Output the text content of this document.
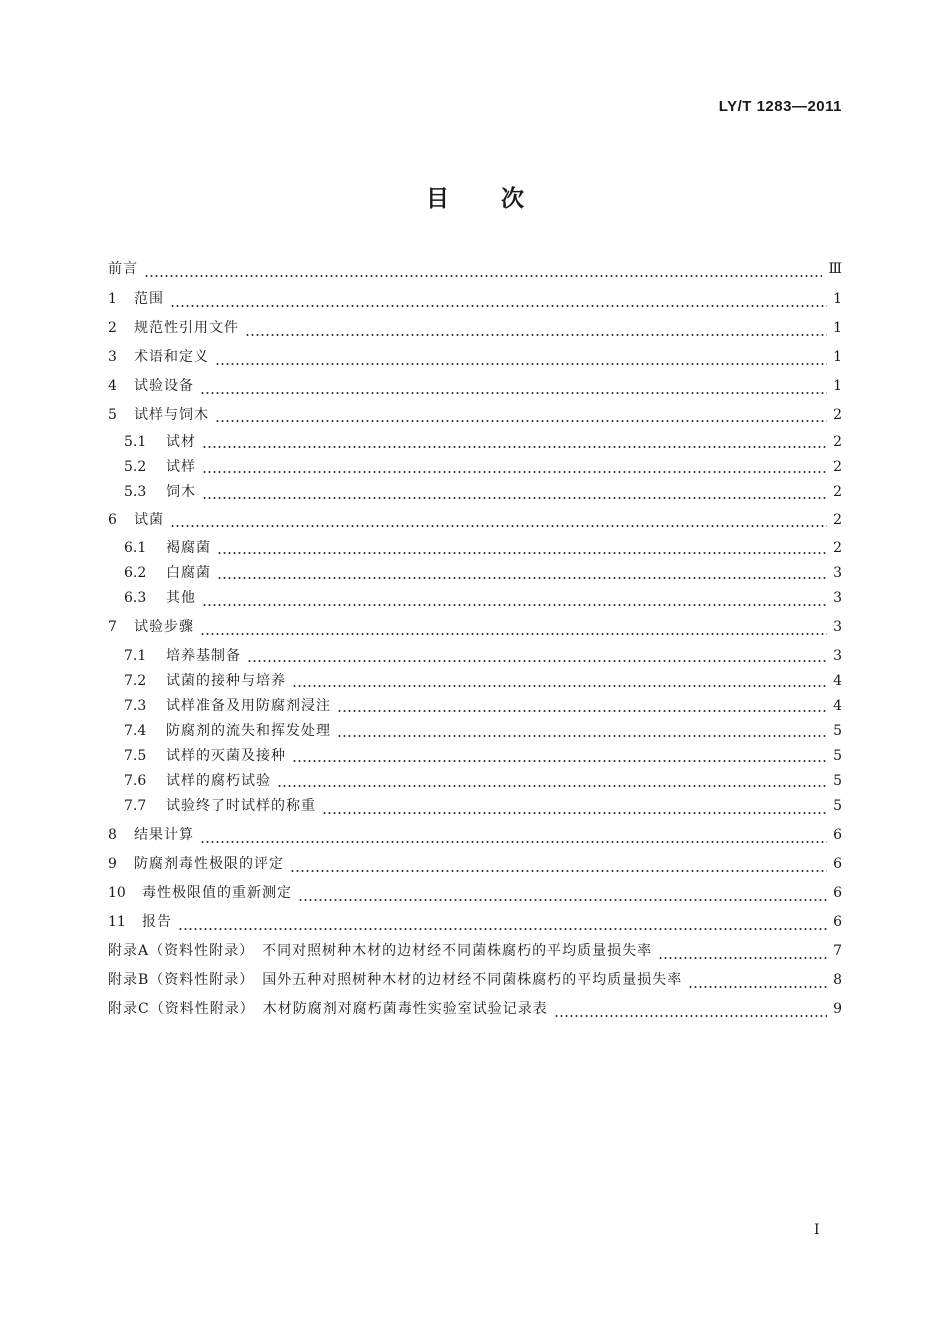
LY/T 1283—2011
目次
前言	Ⅲ
1	范围	1
2	规范性引用文件	1
3	术语和定义	1
4	试验设备	1
5	试样与饲木	2
5.1	试材	2
5.2	试样	2
5.3	饲木	2
6	试菌	2
6.1	褐腐菌	2
6.2	白腐菌	3
6.3	其他	3
7	试验步骤	3
7.1	培养基制备	3
7.2	试菌的接种与培养	4
7.3	试样准备及用防腐剂浸注	4
7.4	防腐剂的流失和挥发处理	5
7.5	试样的灭菌及接种	5
7.6	试样的腐朽试验	5
7.7	试验终了时试样的称重	5
8	结果计算	6
9	防腐剂毒性极限的评定	6
10	毒性极限值的重新测定	6
11	报告	6
附录A（资料性附录）　不同对照树种木材的边材经不同菌株腐朽的平均质量损失率	7
附录B（资料性附录）　国外五种对照树种木材的边材经不同菌株腐朽的平均质量损失率	8
附录C（资料性附录）　木材防腐剂对腐朽菌毒性实验室试验记录表	9
Ⅰ
